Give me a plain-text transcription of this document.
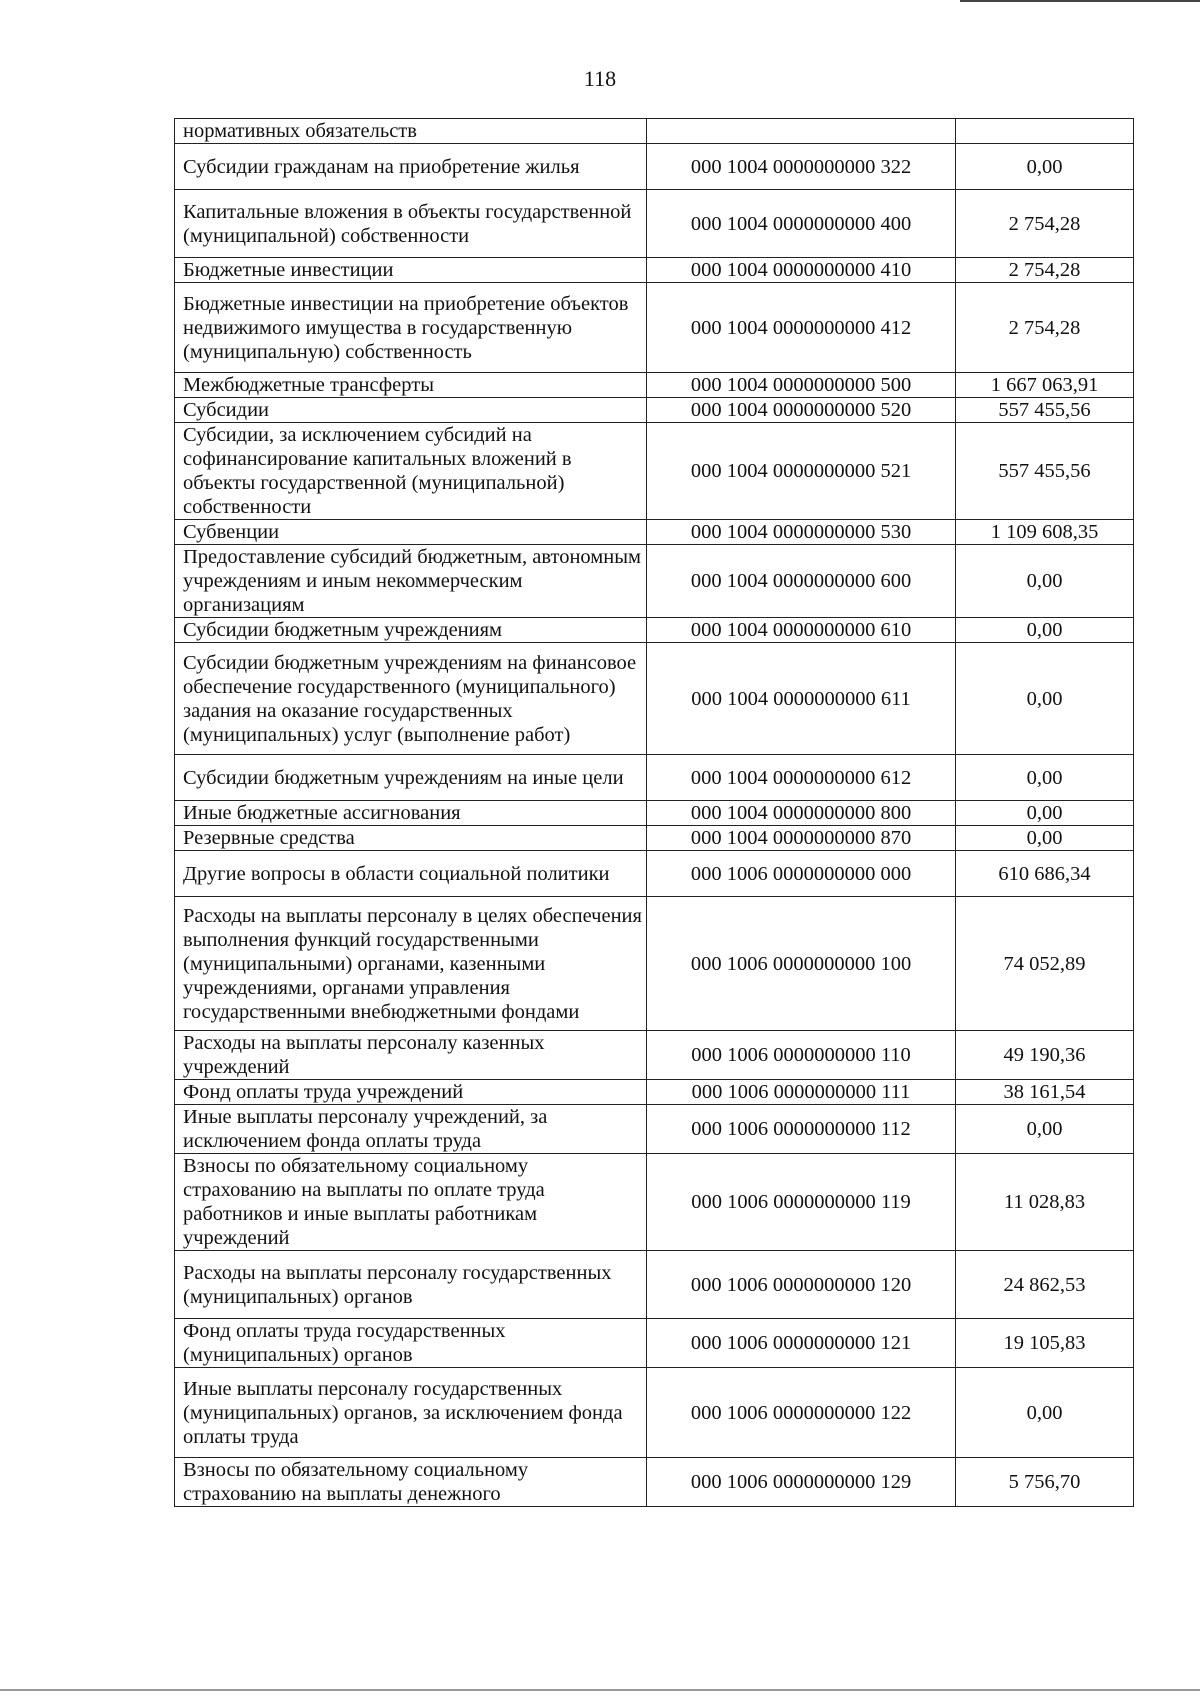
118
нормативных обязательств		
Субсидии гражданам на приобретение жилья	000 1004 0000000000 322	0,00
Капитальные вложения в объекты государственной (муниципальной) собственности	000 1004 0000000000 400	2 754,28
Бюджетные инвестиции	000 1004 0000000000 410	2 754,28
Бюджетные инвестиции на приобретение объектов недвижимого имущества в государственную (муниципальную) собственность	000 1004 0000000000 412	2 754,28
Межбюджетные трансферты	000 1004 0000000000 500	1 667 063,91
Субсидии	000 1004 0000000000 520	557 455,56
Субсидии, за исключением субсидий на софинансирование капитальных вложений в объекты государственной (муниципальной) собственности	000 1004 0000000000 521	557 455,56
Субвенции	000 1004 0000000000 530	1 109 608,35
Предоставление субсидий бюджетным, автономным учреждениям и иным некоммерческим организациям	000 1004 0000000000 600	0,00
Субсидии бюджетным учреждениям	000 1004 0000000000 610	0,00
Субсидии бюджетным учреждениям на финансовое обеспечение государственного (муниципального) задания на оказание государственных (муниципальных) услуг (выполнение работ)	000 1004 0000000000 611	0,00
Субсидии бюджетным учреждениям на иные цели	000 1004 0000000000 612	0,00
Иные бюджетные ассигнования	000 1004 0000000000 800	0,00
Резервные средства	000 1004 0000000000 870	0,00
Другие вопросы в области социальной политики	000 1006 0000000000 000	610 686,34
Расходы на выплаты персоналу в целях обеспечения выполнения функций государственными (муниципальными) органами, казенными учреждениями, органами управления государственными внебюджетными фондами	000 1006 0000000000 100	74 052,89
Расходы на выплаты персоналу казенных учреждений	000 1006 0000000000 110	49 190,36
Фонд оплаты труда учреждений	000 1006 0000000000 111	38 161,54
Иные выплаты персоналу учреждений, за исключением фонда оплаты труда	000 1006 0000000000 112	0,00
Взносы по обязательному социальному страхованию на выплаты по оплате труда работников и иные выплаты работникам учреждений	000 1006 0000000000 119	11 028,83
Расходы на выплаты персоналу государственных (муниципальных) органов	000 1006 0000000000 120	24 862,53
Фонд оплаты труда государственных (муниципальных) органов	000 1006 0000000000 121	19 105,83
Иные выплаты персоналу государственных (муниципальных) органов, за исключением фонда оплаты труда	000 1006 0000000000 122	0,00
Взносы по обязательному социальному страхованию на выплаты денежного	000 1006 0000000000 129	5 756,70
